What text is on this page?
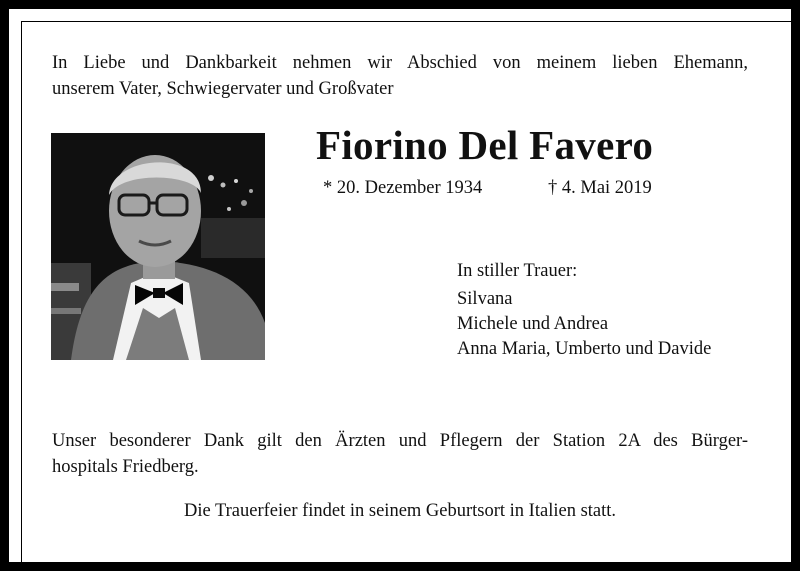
In Liebe und Dankbarkeit nehmen wir Abschied von meinem lieben Ehemann,
unserem Vater, Schwiegervater und Großvater
Fiorino Del Favero
* 20. Dezember 1934	† 4. Mai 2019
In stiller Trauer:
Silvana
Michele und Andrea
Anna Maria, Umberto und Davide
Unser besonderer Dank gilt den Ärzten und Pflegern der Station 2A des Bürger-
hospitals Friedberg.
Die Trauerfeier findet in seinem Geburtsort in Italien statt.
